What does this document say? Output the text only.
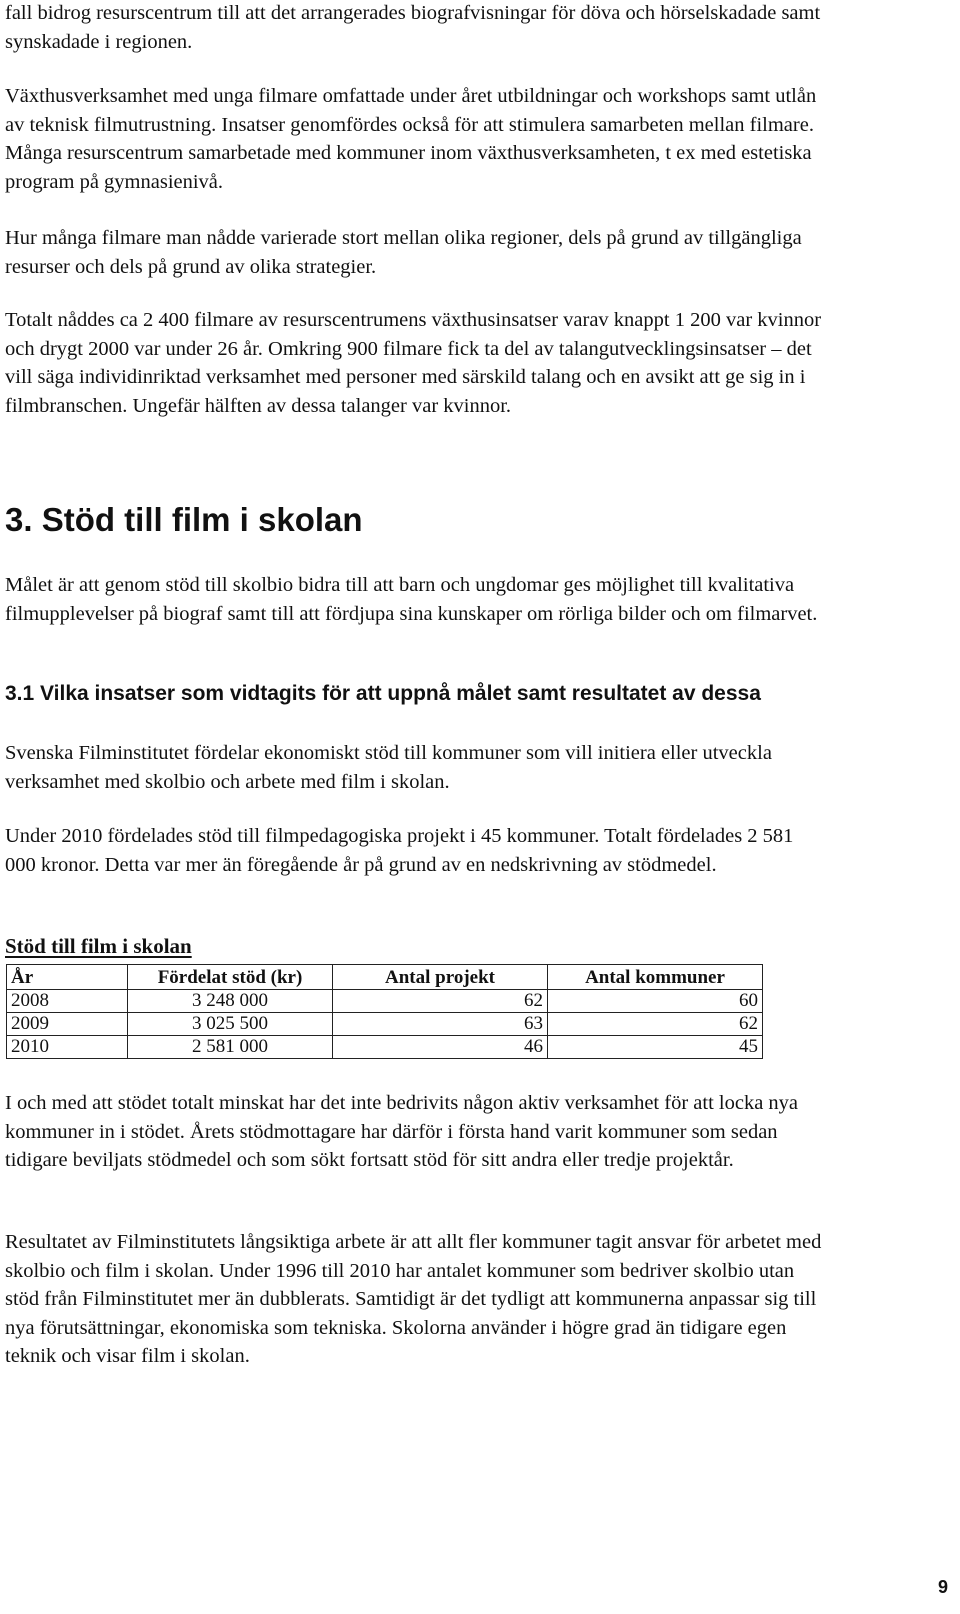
fall bidrog resurscentrum till att det arrangerades biografvisningar för döva och hörselskadade samt synskadade i regionen.

Växthusverksamhet med unga filmare omfattade under året utbildningar och workshops samt utlån av teknisk filmutrustning. Insatser genomfördes också för att stimulera samarbeten mellan filmare. Många resurscentrum samarbetade med kommuner inom växthusverksamheten, t ex med estetiska program på gymnasienivå.

Hur många filmare man nådde varierade stort mellan olika regioner, dels på grund av tillgängliga resurser och dels på grund av olika strategier.

Totalt nåddes ca 2 400 filmare av resurscentrumens växthusinsatser varav knappt 1 200 var kvinnor och drygt 2000 var under 26 år. Omkring 900 filmare fick ta del av talangutvecklingsinsatser – det vill säga individinriktad verksamhet med personer med särskild talang och en avsikt att ge sig in i filmbranschen. Ungefär hälften av dessa talanger var kvinnor.

3. Stöd till film i skolan

Målet är att genom stöd till skolbio bidra till att barn och ungdomar ges möjlighet till kvalitativa filmupplevelser på biograf samt till att fördjupa sina kunskaper om rörliga bilder och om filmarvet.

3.1 Vilka insatser som vidtagits för att uppnå målet samt resultatet av dessa

Svenska Filminstitutet fördelar ekonomiskt stöd till kommuner som vill initiera eller utveckla verksamhet med skolbio och arbete med film i skolan.

Under 2010 fördelades stöd till filmpedagogiska projekt i 45 kommuner. Totalt fördelades 2 581 000 kronor. Detta var mer än föregående år på grund av en nedskrivning av stödmedel.

Stöd till film i skolan
År	Fördelat stöd (kr)	Antal projekt	Antal kommuner
2008	3 248 000	62	60
2009	3 025 500	63	62
2010	2 581 000	46	45

I och med att stödet totalt minskat har det inte bedrivits någon aktiv verksamhet för att locka nya kommuner in i stödet. Årets stödmottagare har därför i första hand varit kommuner som sedan tidigare beviljats stödmedel och som sökt fortsatt stöd för sitt andra eller tredje projektår.

Resultatet av Filminstitutets långsiktiga arbete är att allt fler kommuner tagit ansvar för arbetet med skolbio och film i skolan. Under 1996 till 2010 har antalet kommuner som bedriver skolbio utan stöd från Filminstitutet mer än dubblerats. Samtidigt är det tydligt att kommunerna anpassar sig till nya förutsättningar, ekonomiska som tekniska. Skolorna använder i högre grad än tidigare egen teknik och visar film i skolan.

9
